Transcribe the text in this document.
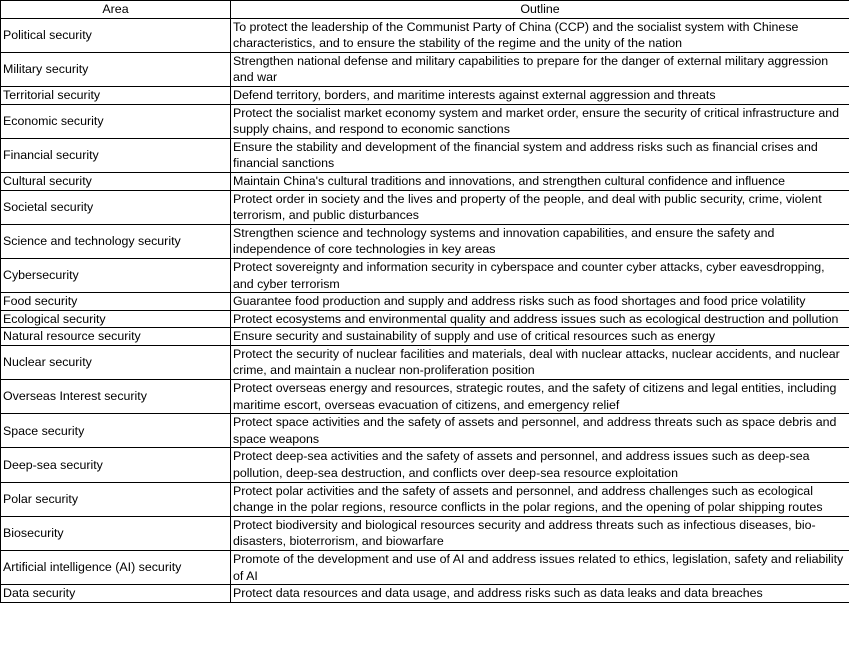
Area	Outline
Political security	To protect the leadership of the Communist Party of China (CCP) and the socialist system with Chinese characteristics, and to ensure the stability of the regime and the unity of the nation
Military security	Strengthen national defense and military capabilities to prepare for the danger of external military aggression and war
Territorial security	Defend territory, borders, and maritime interests against external aggression and threats
Economic security	Protect the socialist market economy system and market order, ensure the security of critical infrastructure and supply chains, and respond to economic sanctions
Financial security	Ensure the stability and development of the financial system and address risks such as financial crises and financial sanctions
Cultural security	Maintain China's cultural traditions and innovations, and strengthen cultural confidence and influence
Societal security	Protect order in society and the lives and property of the people, and deal with public security, crime, violent terrorism, and public disturbances
Science and technology security	Strengthen science and technology systems and innovation capabilities, and ensure the safety and independence of core technologies in key areas
Cybersecurity	Protect sovereignty and information security in cyberspace and counter cyber attacks, cyber eavesdropping, and cyber terrorism
Food security	Guarantee food production and supply and address risks such as food shortages and food price volatility
Ecological security	Protect ecosystems and environmental quality and address issues such as ecological destruction and pollution
Natural resource security	Ensure security and sustainability of supply and use of critical resources such as energy
Nuclear security	Protect the security of nuclear facilities and materials, deal with nuclear attacks, nuclear accidents, and nuclear crime, and maintain a nuclear non-proliferation position
Overseas Interest security	Protect overseas energy and resources, strategic routes, and the safety of citizens and legal entities, including maritime escort, overseas evacuation of citizens, and emergency relief
Space security	Protect space activities and the safety of assets and personnel, and address threats such as space debris and space weapons
Deep-sea security	Protect deep-sea activities and the safety of assets and personnel, and address issues such as deep-sea pollution, deep-sea destruction, and conflicts over deep-sea resource exploitation
Polar security	Protect polar activities and the safety of assets and personnel, and address challenges such as ecological change in the polar regions, resource conflicts in the polar regions, and the opening of polar shipping routes
Biosecurity	Protect biodiversity and biological resources security and address threats such as infectious diseases, bio-disasters, bioterrorism, and biowarfare
Artificial intelligence (AI) security	Promote of the development and use of AI and address issues related to ethics, legislation, safety and reliability of AI
Data security	Protect data resources and data usage, and address risks such as data leaks and data breaches
